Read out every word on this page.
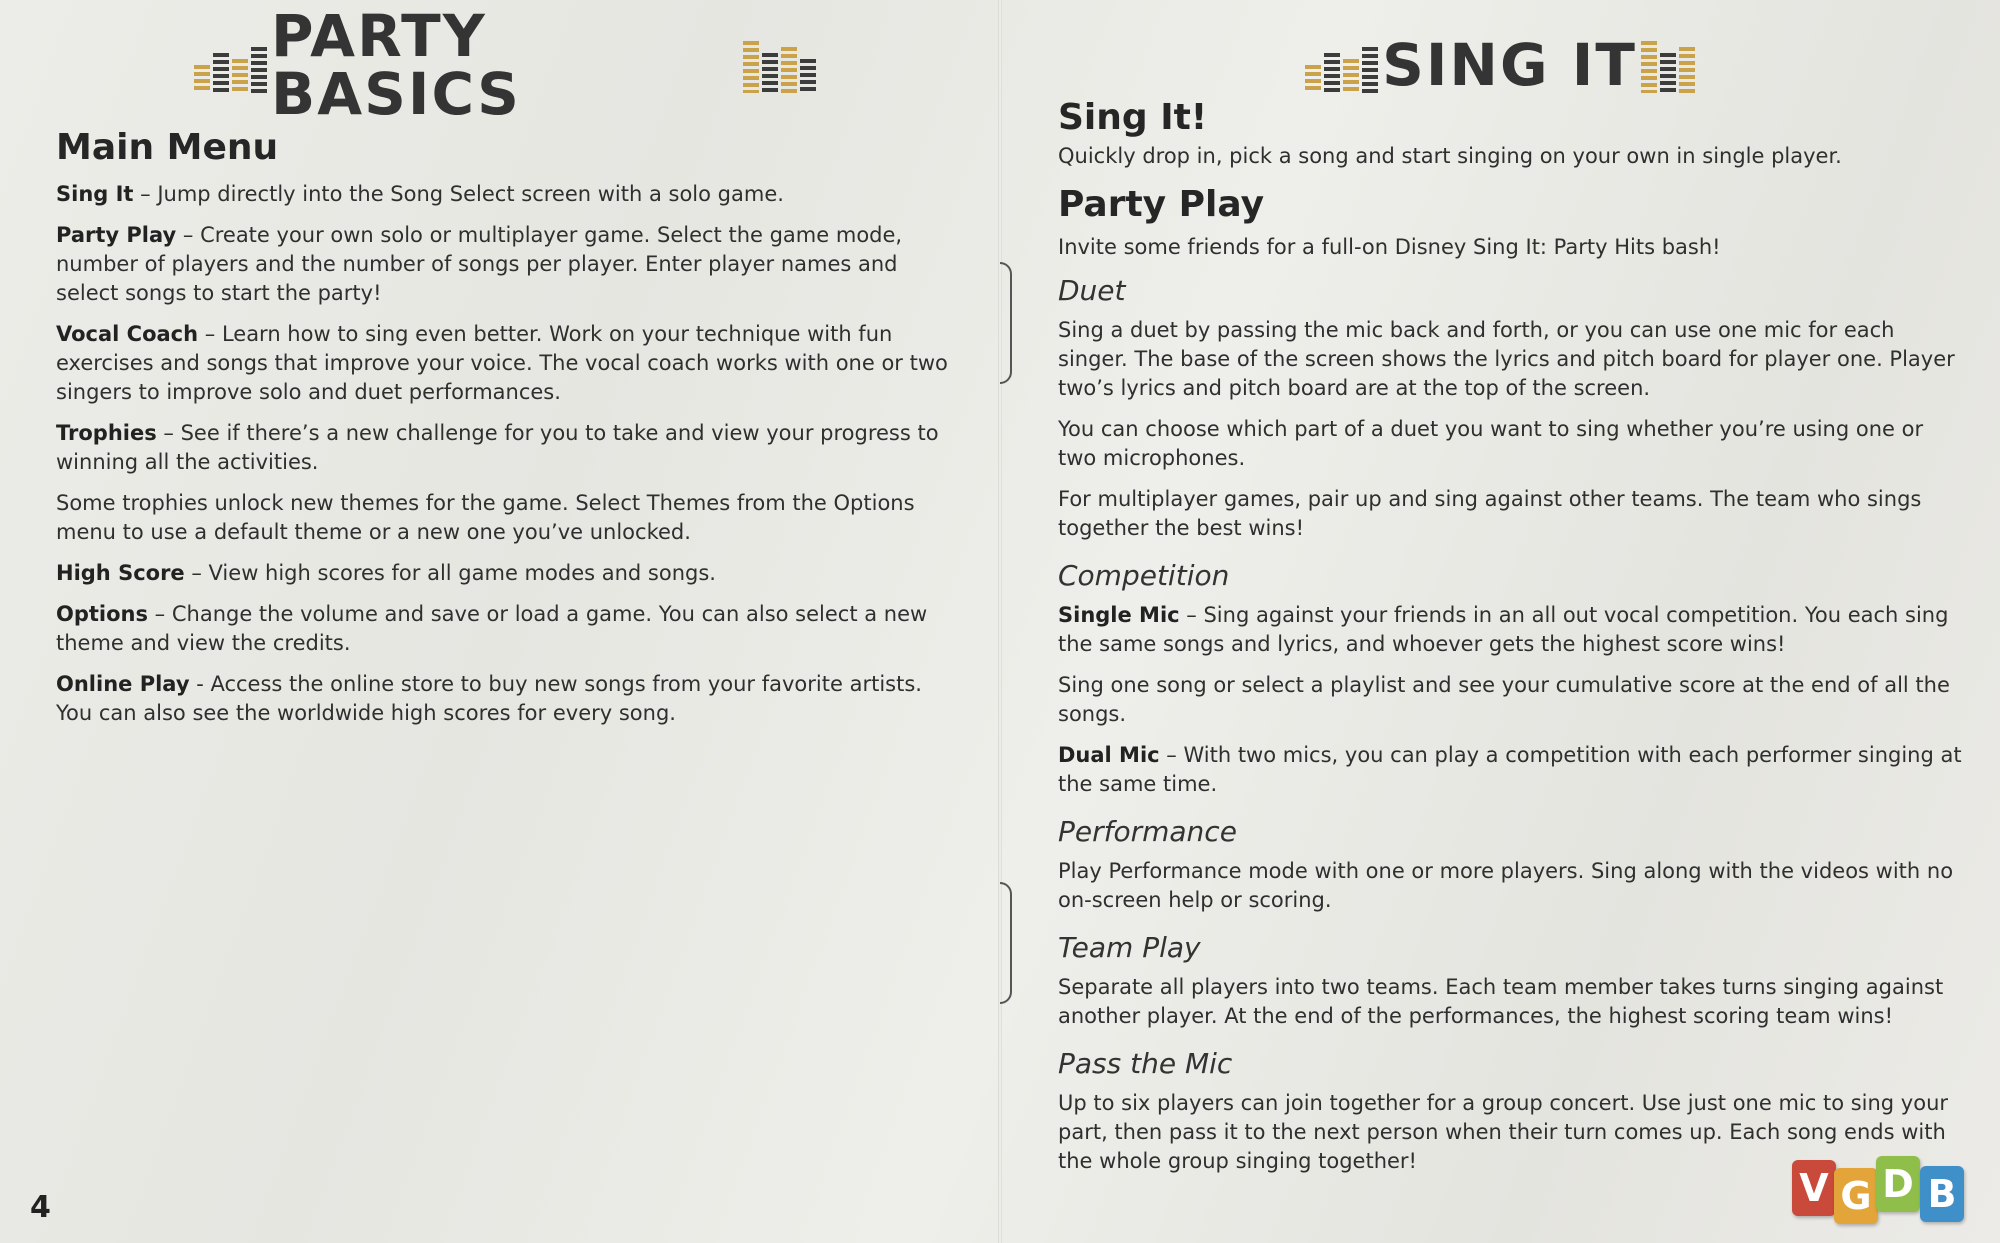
PARTY BASICS
Main Menu

Sing It – Jump directly into the Song Select screen with a solo game.

Party Play – Create your own solo or multiplayer game. Select the game mode, number of players and the number of songs per player. Enter player names and select songs to start the party!

Vocal Coach – Learn how to sing even better. Work on your technique with fun exercises and songs that improve your voice. The vocal coach works with one or two singers to improve solo and duet performances.

Trophies – See if there’s a new challenge for you to take and view your progress to winning all the activities.

Some trophies unlock new themes for the game. Select Themes from the Options menu to use a default theme or a new one you’ve unlocked.

High Score – View high scores for all game modes and songs.

Options – Change the volume and save or load a game. You can also select a new theme and view the credits.

Online Play - Access the online store to buy new songs from your favorite artists. You can also see the worldwide high scores for every song.

4
SING IT
Sing It!

Quickly drop in, pick a song and start singing on your own in single player.

Party Play

Invite some friends for a full-on Disney Sing It: Party Hits bash!

Duet

Sing a duet by passing the mic back and forth, or you can use one mic for each singer. The base of the screen shows the lyrics and pitch board for player one. Player two’s lyrics and pitch board are at the top of the screen.

You can choose which part of a duet you want to sing whether you’re using one or two microphones.

For multiplayer games, pair up and sing against other teams. The team who sings together the best wins!

Competition

Single Mic – Sing against your friends in an all out vocal competition. You each sing the same songs and lyrics, and whoever gets the highest score wins!

Sing one song or select a playlist and see your cumulative score at the end of all the songs.

Dual Mic – With two mics, you can play a competition with each performer singing at the same time.

Performance

Play Performance mode with one or more players. Sing along with the videos with no on-screen help or scoring.

Team Play

Separate all players into two teams. Each team member takes turns singing against another player. At the end of the performances, the highest scoring team wins!

Pass the Mic

Up to six players can join together for a group concert. Use just one mic to sing your part, then pass it to the next person when their turn comes up. Each song ends with the whole group singing together!

V G D B
